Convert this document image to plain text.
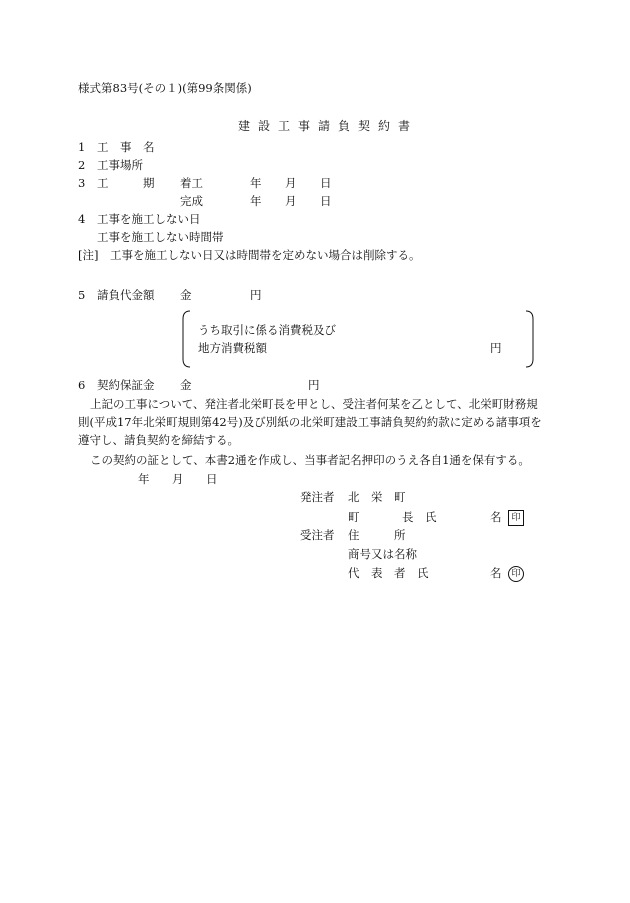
様式第83号(その１)(第99条関係)
建設工事請負契約書
1 工　事　名
2 工事場所
3 工　　　期 着工	年 月 日
完成	年 月 日
4 工事を施工しない日
工事を施工しない時間帯
[注]　工事を施工しない日又は時間帯を定めない場合は削除する。
5 請負代金額 金	円
うち取引に係る消費税及び
地方消費税額	円
6 契約保証金 金	円
上記の工事について、発注者北栄町長を甲とし、受注者何某を乙として、北栄町財務規
則(平成17年北栄町規則第42号)及び別紙の北栄町建設工事請負契約約款に定める諸事項を
遵守し、請負契約を締結する。
この契約の証として、本書2通を作成し、当事者記名押印のうえ各自1通を保有する。
年 月 日
発注者 北　栄　町
町	長　氏	名	印
受注者 住　　　所
商号又は名称
代　表　者　氏	名	印
